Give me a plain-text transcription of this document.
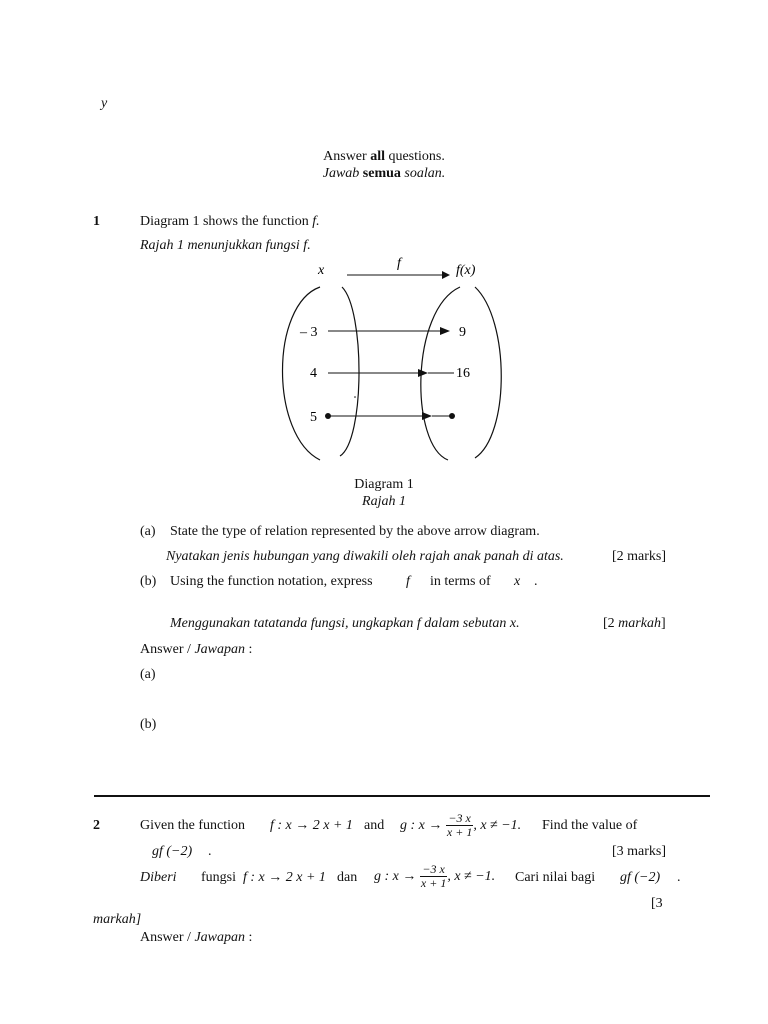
y
Answer all questions.
Jawab semua soalan.
1	Diagram 1 shows the function f.
Rajah 1 menunjukkan fungsi f.
x	f	f(x)
– 3
4
5
9
16
Diagram 1
Rajah 1
(a) State the type of relation represented by the above arrow diagram.
Nyatakan jenis hubungan yang diwakili oleh rajah anak panah di atas.	[2 marks]
(b) Using the function notation, express f in terms of x .
Menggunakan tatatanda fungsi, ungkapkan f dalam sebutan x.	[2 markah]
Answer / Jawapan :
(a)
(b)
2	Given the function f : x → 2 x + 1 and g : $x \to \frac{-3 x}{x + 1}$ , x ≠ −1. Find the value of
gf (−2) .	[3 marks]
Diberi fungsi f : x → 2 x + 1 dan g : $x \to \frac{-3 x}{x + 1}$ , x ≠ −1. Cari nilai bagi gf (−2) .
[3
markah]
Answer / Jawapan :
